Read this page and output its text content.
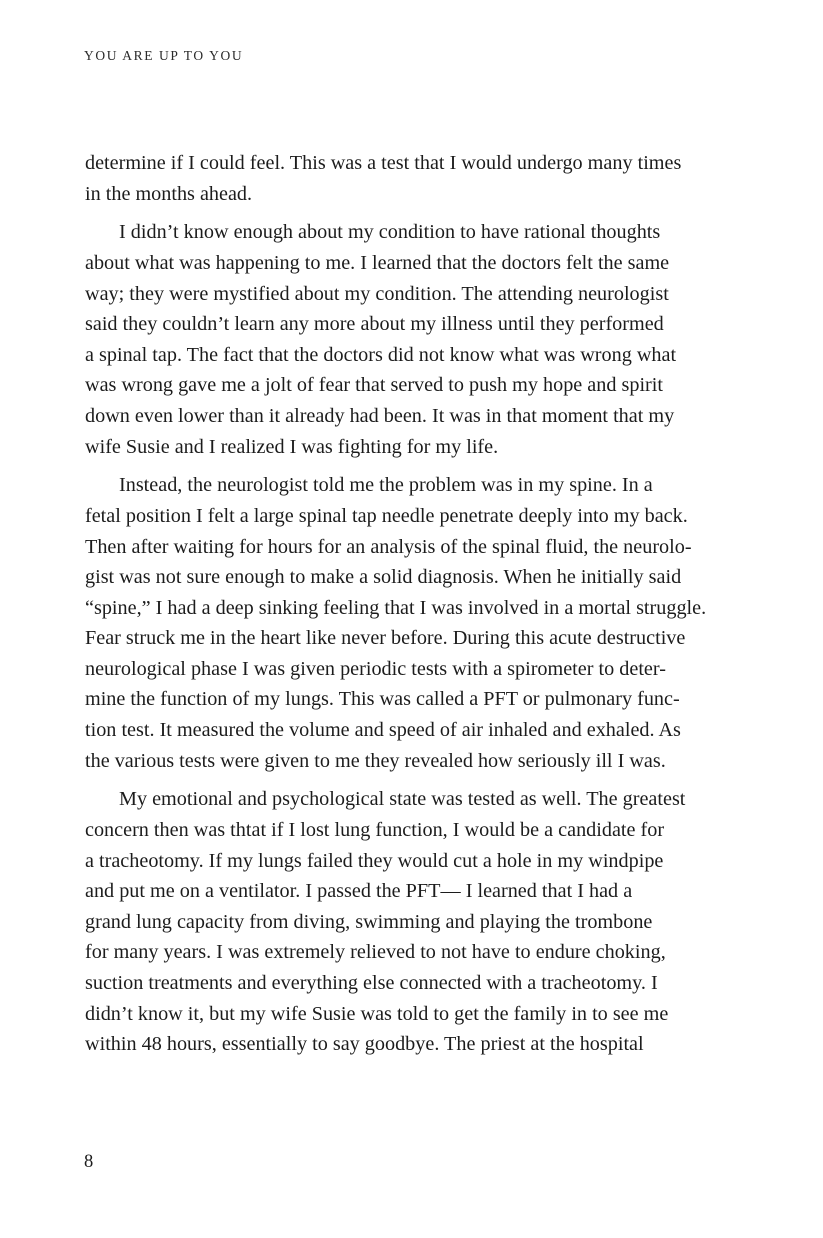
YOU ARE UP TO YOU

determine if I could feel. This was a test that I would undergo many times
in the months ahead.

I didn’t know enough about my condition to have rational thoughts
about what was happening to me. I learned that the doctors felt the same
way; they were mystified about my condition. The attending neurologist
said they couldn’t learn any more about my illness until they performed
a spinal tap. The fact that the doctors did not know what was wrong what
was wrong gave me a jolt of fear that served to push my hope and spirit
down even lower than it already had been. It was in that moment that my
wife Susie and I realized I was fighting for my life.

Instead, the neurologist told me the problem was in my spine. In a
fetal position I felt a large spinal tap needle penetrate deeply into my back.
Then after waiting for hours for an analysis of the spinal fluid, the neurolo-
gist was not sure enough to make a solid diagnosis. When he initially said
“spine,” I had a deep sinking feeling that I was involved in a mortal struggle.
Fear struck me in the heart like never before. During this acute destructive
neurological phase I was given periodic tests with a spirometer to deter-
mine the function of my lungs. This was called a PFT or pulmonary func-
tion test. It measured the volume and speed of air inhaled and exhaled. As
the various tests were given to me they revealed how seriously ill I was.

My emotional and psychological state was tested as well. The greatest
concern then was thtat if I lost lung function, I would be a candidate for
a tracheotomy. If my lungs failed they would cut a hole in my windpipe
and put me on a ventilator. I passed the PFT— I learned that I had a
grand lung capacity from diving, swimming and playing the trombone
for many years. I was extremely relieved to not have to endure choking,
suction treatments and everything else connected with a tracheotomy. I
didn’t know it, but my wife Susie was told to get the family in to see me
within 48 hours, essentially to say goodbye. The priest at the hospital

8
